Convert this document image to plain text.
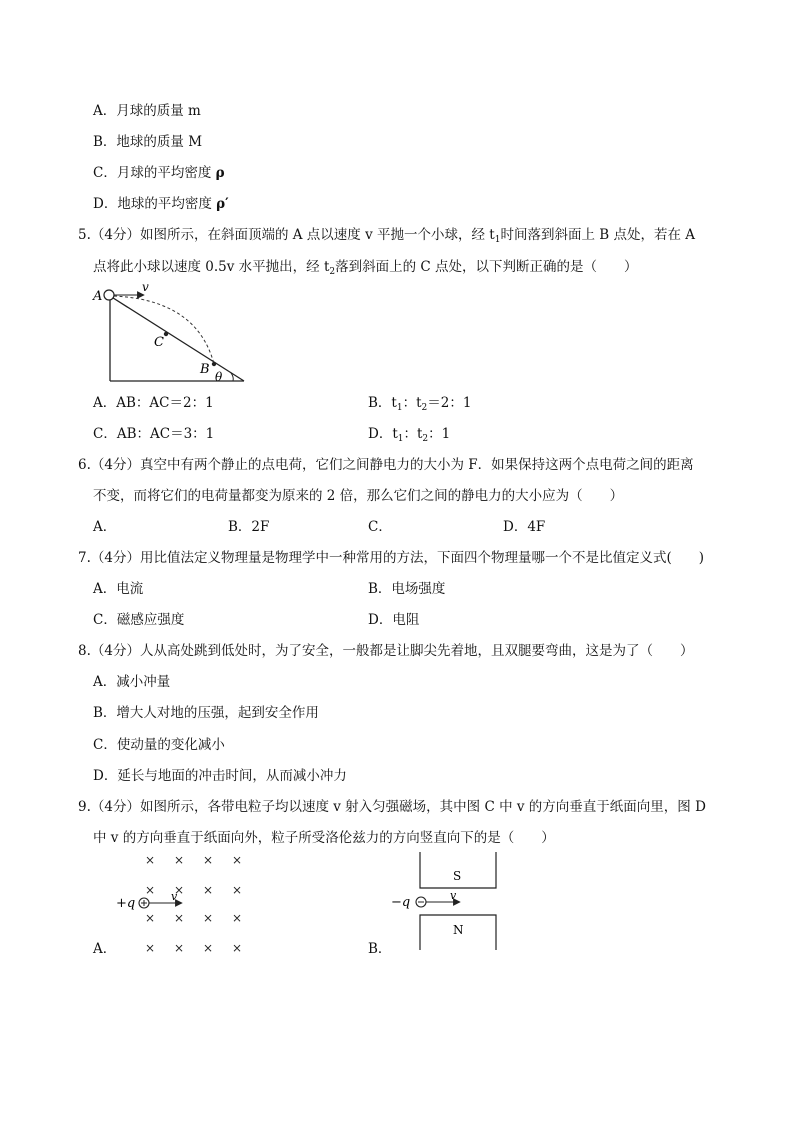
A．月球的质量 m
B．地球的质量 M
C．月球的平均密度 ρ
D．地球的平均密度 ρ′
5.（4分）如图所示，在斜面顶端的 A 点以速度 v 平抛一个小球，经 $t_1$时间落到斜面上 B 点处，若在 A
点将此小球以速度 0.5v 水平抛出，经 $t_2$落到斜面上的 C 点处，以下判断正确的是（　　）
A
v
C
B θ
A．AB：AC＝2：1	B．$t_1$：$t_2=2$：1
C．AB：AC＝3：1	D．$t_1$：$t_2$：1
6.（4分）真空中有两个静止的点电荷，它们之间静电力的大小为 F．如果保持这两个点电荷之间的距离
不变，而将它们的电荷量都变为原来的 2 倍，那么它们之间的静电力的大小应为（　　）
A．	B．2F	C．	D．4F
7.（4分）用比值法定义物理量是物理学中一种常用的方法，下面四个物理量哪一个不是比值定义式(　　)
A．电流	B．电场强度
C．磁感应强度	D．电阻
8.（4分）人从高处跳到低处时，为了安全，一般都是让脚尖先着地，且双腿要弯曲，这是为了（　　）
A．减小冲量
B．增大人对地的压强，起到安全作用
C．使动量的变化减小
D．延长与地面的冲击时间，从而减小冲力
9.（4分）如图所示，各带电粒子均以速度 v 射入匀强磁场，其中图 C 中 v 的方向垂直于纸面向里，图 D
中 v 的方向垂直于纸面向外，粒子所受洛伦兹力的方向竖直向下的是（　　）
A．
× × × ×
× × × ×
× × × ×
× × × ×
+q	v
B．
S
N
−q	v
